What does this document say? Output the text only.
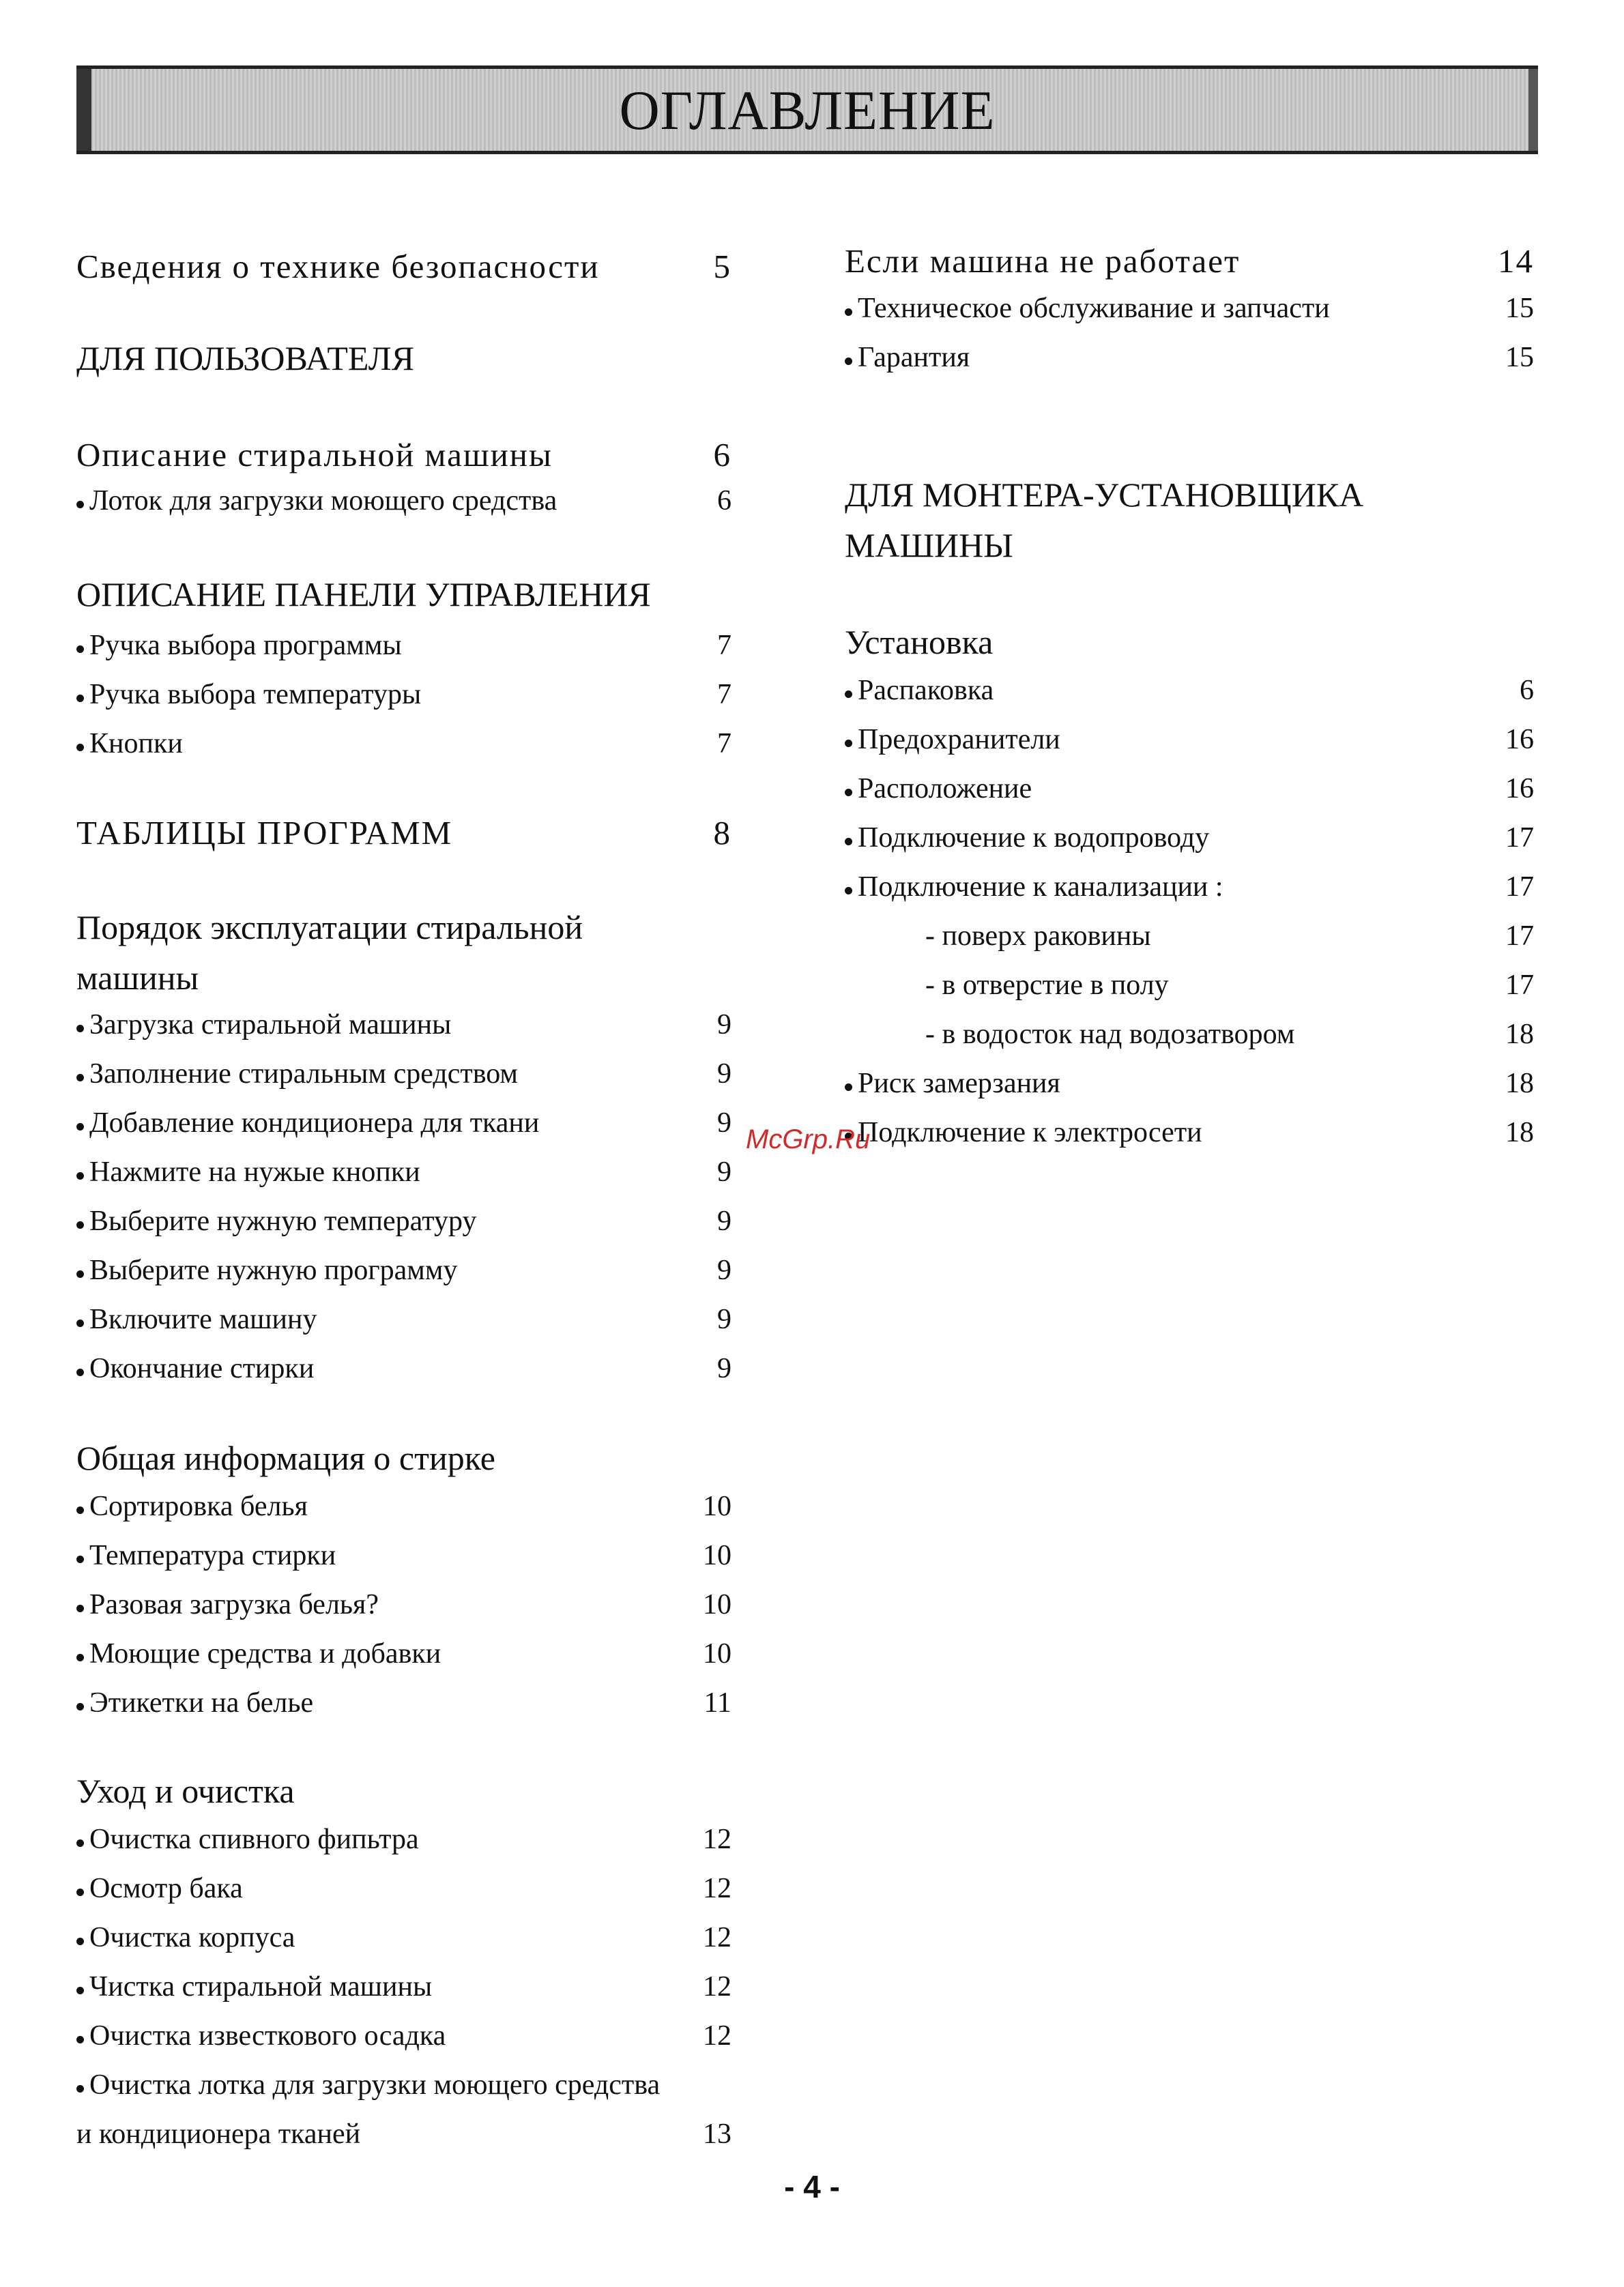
ОГЛАВЛЕНИЕ
Сведения о технике безопасности	5
ДЛЯ ПОЛЬЗОВАТЕЛЯ
Описание стиральной машины	6
Лоток для загрузки моющего средства	6
ОПИСАНИЕ ПАНЕЛИ УПРАВЛЕНИЯ
Ручка выбора программы	7
Ручка выбора температуры	7
Кнопки	7
ТАБЛИЦЫ ПРОГРАММ	8
Порядок эксплуатации стиральной
машины
Загрузка стиральной машины	9
Заполнение стиральным средством	9
Добавление кондиционера для ткани	9
Нажмите на нужые кнопки	9
Выберите нужную температуру	9
Выберите нужную программу	9
Включите машину	9
Окончание стирки	9
Общая информация о стирке
Сортировка белья	10
Температура стирки	10
Разовая загрузка белья?	10
Моющие средства и добавки	10
Этикетки на белье	11
Уход и очистка
Очистка спивного фипьтра	12
Осмотр бака	12
Очистка корпуса	12
Чистка стиральной машины	12
Очистка известкового осадка	12
Очистка лотка для загрузки моющего средства
и кондиционера тканей	13
Если машина не работает	14
Техническое обслуживание и запчасти	15
Гарантия	15
ДЛЯ МОНТЕРА-УСТАНОВЩИКА
МАШИНЫ
Установка
Распаковка	6
Предохранители	16
Расположение	16
Подключение к водопроводу	17
Подключение к канализации :	17
- поверх раковины	17
- в отверстие в полу	17
- в водосток над водозатвором	18
Риск замерзания	18
Подключение к электросети	18
McGrp.Ru
- 4 -
